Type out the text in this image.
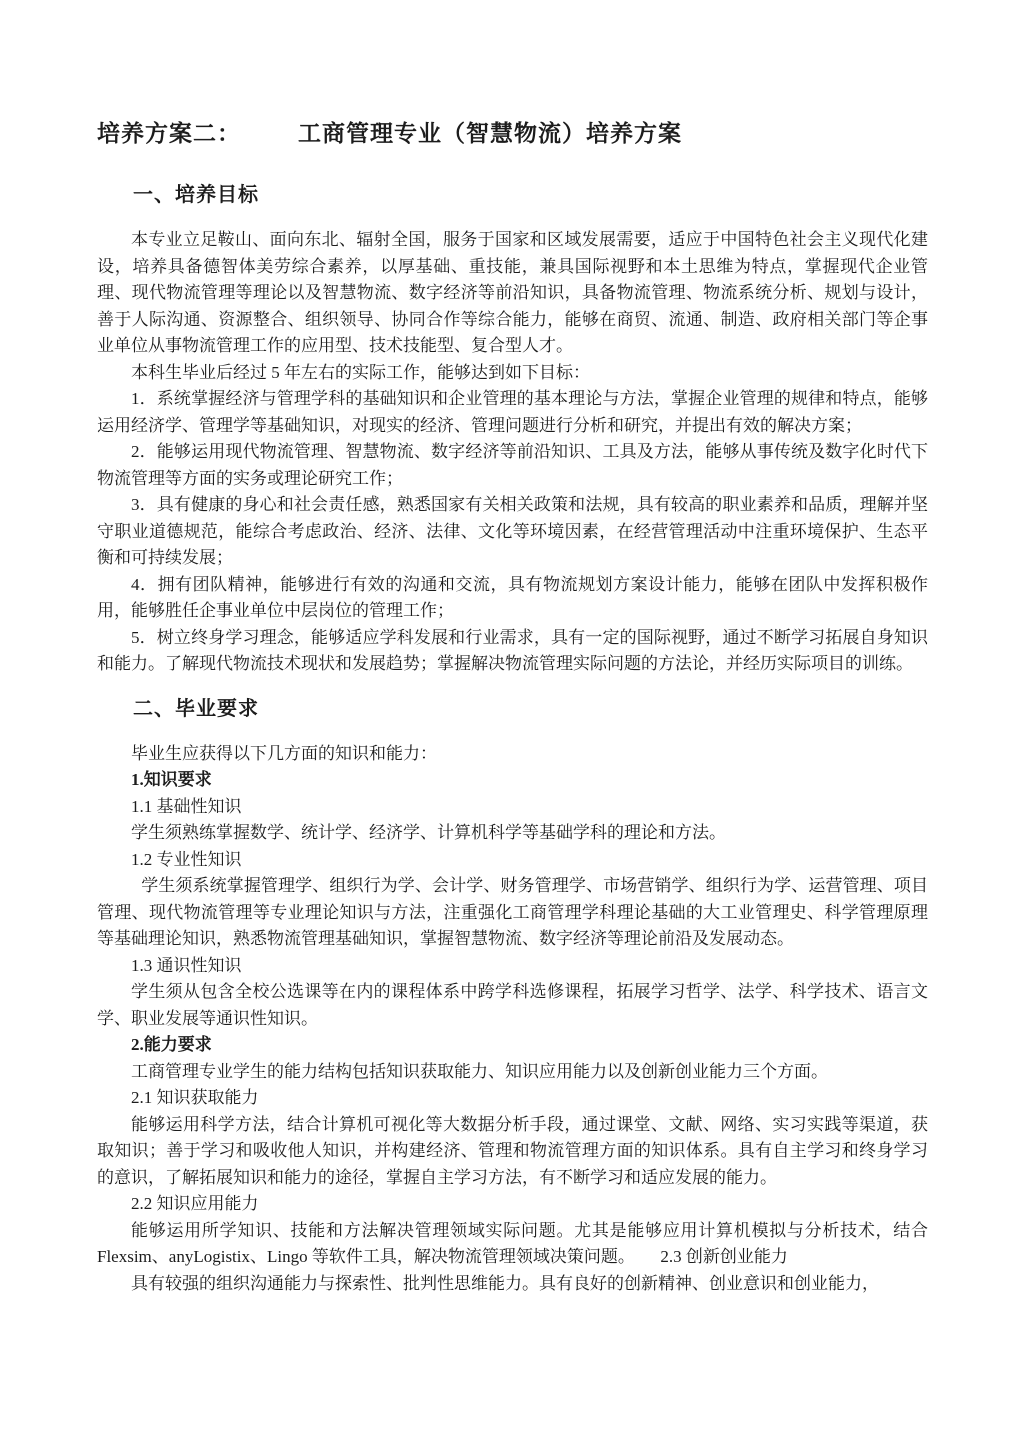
培养方案二： 工商管理专业（智慧物流）培养方案
一、培养目标

本专业立足鞍山、面向东北、辐射全国，服务于国家和区域发展需要，适应于中国特色社会主义现代化建设，培养具备德智体美劳综合素养，以厚基础、重技能，兼具国际视野和本土思维为特点，掌握现代企业管理、现代物流管理等理论以及智慧物流、数字经济等前沿知识，具备物流管理、物流系统分析、规划与设计，善于人际沟通、资源整合、组织领导、协同合作等综合能力，能够在商贸、流通、制造、政府相关部门等企事业单位从事物流管理工作的应用型、技术技能型、复合型人才。

本科生毕业后经过 5 年左右的实际工作，能够达到如下目标：

1．系统掌握经济与管理学科的基础知识和企业管理的基本理论与方法，掌握企业管理的规律和特点，能够运用经济学、管理学等基础知识，对现实的经济、管理问题进行分析和研究，并提出有效的解决方案；

2．能够运用现代物流管理、智慧物流、数字经济等前沿知识、工具及方法，能够从事传统及数字化时代下物流管理等方面的实务或理论研究工作；

3．具有健康的身心和社会责任感，熟悉国家有关相关政策和法规，具有较高的职业素养和品质，理解并坚守职业道德规范，能综合考虑政治、经济、法律、文化等环境因素，在经营管理活动中注重环境保护、生态平衡和可持续发展；

4．拥有团队精神，能够进行有效的沟通和交流，具有物流规划方案设计能力，能够在团队中发挥积极作用，能够胜任企事业单位中层岗位的管理工作；

5．树立终身学习理念，能够适应学科发展和行业需求，具有一定的国际视野，通过不断学习拓展自身知识和能力。了解现代物流技术现状和发展趋势；掌握解决物流管理实际问题的方法论，并经历实际项目的训练。

二、毕业要求

毕业生应获得以下几方面的知识和能力：

1.知识要求

1.1 基础性知识

学生须熟练掌握数学、统计学、经济学、计算机科学等基础学科的理论和方法。

1.2 专业性知识

学生须系统掌握管理学、组织行为学、会计学、财务管理学、市场营销学、组织行为学、运营管理、项目管理、现代物流管理等专业理论知识与方法，注重强化工商管理学科理论基础的大工业管理史、科学管理原理等基础理论知识，熟悉物流管理基础知识，掌握智慧物流、数字经济等理论前沿及发展动态。

1.3 通识性知识

学生须从包含全校公选课等在内的课程体系中跨学科选修课程，拓展学习哲学、法学、科学技术、语言文学、职业发展等通识性知识。

2.能力要求

工商管理专业学生的能力结构包括知识获取能力、知识应用能力以及创新创业能力三个方面。

2.1 知识获取能力

能够运用科学方法，结合计算机可视化等大数据分析手段，通过课堂、文献、网络、实习实践等渠道，获取知识；善于学习和吸收他人知识，并构建经济、管理和物流管理方面的知识体系。具有自主学习和终身学习的意识，了解拓展知识和能力的途径，掌握自主学习方法，有不断学习和适应发展的能力。

2.2 知识应用能力

能够运用所学知识、技能和方法解决管理领域实际问题。尤其是能够应用计算机模拟与分析技术，结合 Flexsim、anyLogistix、Lingo 等软件工具，解决物流管理领域决策问题。　　2.3 创新创业能力

具有较强的组织沟通能力与探索性、批判性思维能力。具有良好的创新精神、创业意识和创业能力，
